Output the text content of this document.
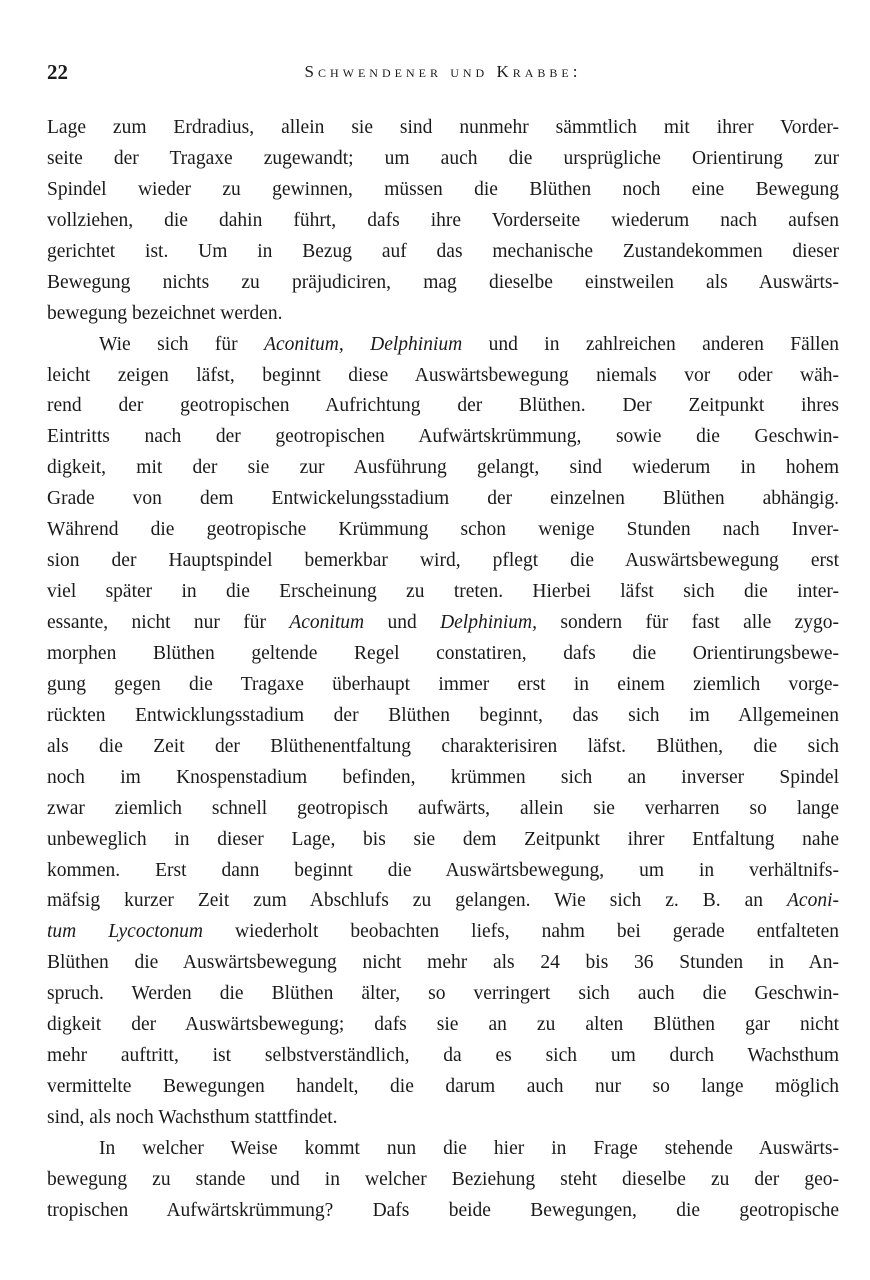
22	Schwendener und Krabbe:
Lage zum Erdradius, allein sie sind nunmehr sämmtlich mit ihrer Vorder-
seite der Tragaxe zugewandt; um auch die ursprügliche Orientirung zur
Spindel wieder zu gewinnen, müssen die Blüthen noch eine Bewegung
vollziehen, die dahin führt, dafs ihre Vorderseite wiederum nach aufsen
gerichtet ist. Um in Bezug auf das mechanische Zustandekommen dieser
Bewegung nichts zu präjudiciren, mag dieselbe einstweilen als Auswärts-
bewegung bezeichnet werden.
Wie sich für Aconitum, Delphinium und in zahlreichen anderen Fällen
leicht zeigen läfst, beginnt diese Auswärtsbewegung niemals vor oder wäh-
rend der geotropischen Aufrichtung der Blüthen. Der Zeitpunkt ihres
Eintritts nach der geotropischen Aufwärtskrümmung, sowie die Geschwin-
digkeit, mit der sie zur Ausführung gelangt, sind wiederum in hohem
Grade von dem Entwickelungsstadium der einzelnen Blüthen abhängig.
Während die geotropische Krümmung schon wenige Stunden nach Inver-
sion der Hauptspindel bemerkbar wird, pflegt die Auswärtsbewegung erst
viel später in die Erscheinung zu treten. Hierbei läfst sich die inter-
essante, nicht nur für Aconitum und Delphinium, sondern für fast alle zygo-
morphen Blüthen geltende Regel constatiren, dafs die Orientirungsbewe-
gung gegen die Tragaxe überhaupt immer erst in einem ziemlich vorge-
rückten Entwicklungsstadium der Blüthen beginnt, das sich im Allgemeinen
als die Zeit der Blüthenentfaltung charakterisiren läfst. Blüthen, die sich
noch im Knospenstadium befinden, krümmen sich an inverser Spindel
zwar ziemlich schnell geotropisch aufwärts, allein sie verharren so lange
unbeweglich in dieser Lage, bis sie dem Zeitpunkt ihrer Entfaltung nahe
kommen. Erst dann beginnt die Auswärtsbewegung, um in verhältnifs-
mäfsig kurzer Zeit zum Abschlufs zu gelangen. Wie sich z. B. an Aconi-
tum Lycoctonum wiederholt beobachten liefs, nahm bei gerade entfalteten
Blüthen die Auswärtsbewegung nicht mehr als 24 bis 36 Stunden in An-
spruch. Werden die Blüthen älter, so verringert sich auch die Geschwin-
digkeit der Auswärtsbewegung; dafs sie an zu alten Blüthen gar nicht
mehr auftritt, ist selbstverständlich, da es sich um durch Wachsthum
vermittelte Bewegungen handelt, die darum auch nur so lange möglich
sind, als noch Wachsthum stattfindet.
In welcher Weise kommt nun die hier in Frage stehende Auswärts-
bewegung zu stande und in welcher Beziehung steht dieselbe zu der geo-
tropischen Aufwärtskrümmung? Dafs beide Bewegungen, die geotropische
